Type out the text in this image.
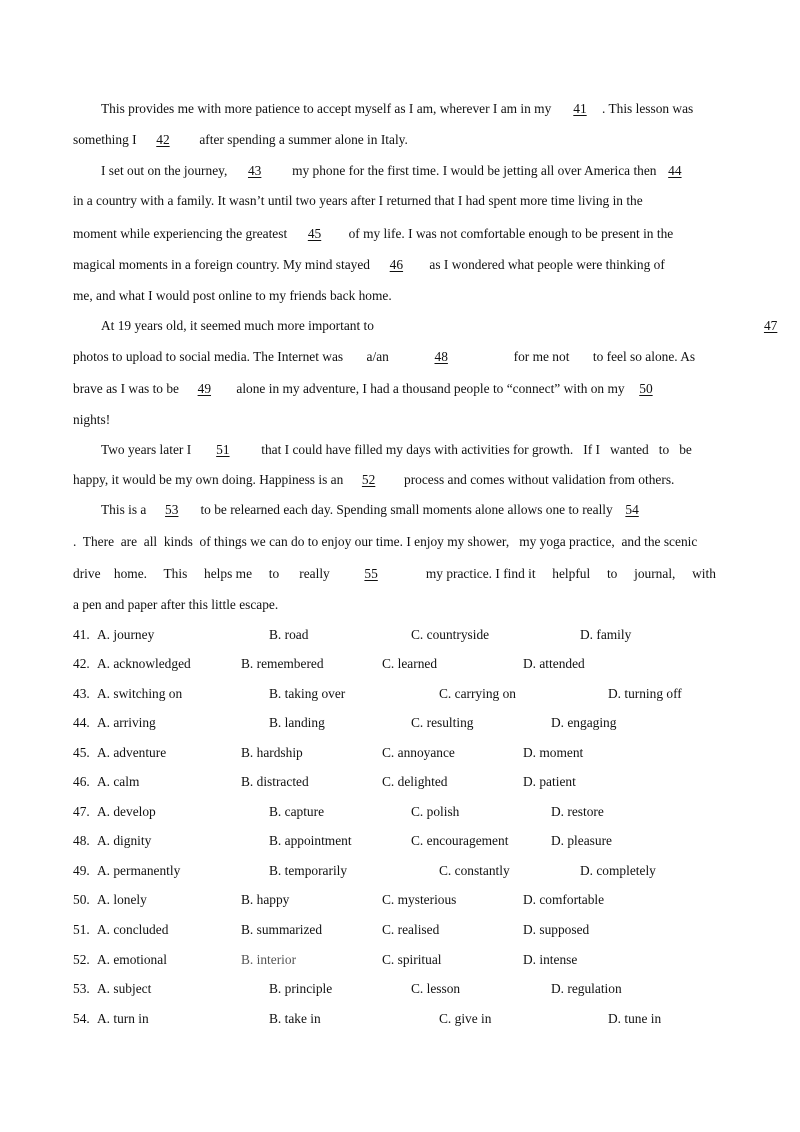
This provides me with more patience to accept myself as I am, wherever I am in my 41 . This lesson was
something I 42 after spending a summer alone in Italy.
I set out on the journey, 43 my phone for the first time. I would be jetting all over America then 44
in a country with a family. It wasn’t until two years after I returned that I had spent more time living in the
moment while experiencing the greatest 45 of my life. I was not comfortable enough to be present in the
magical moments in a foreign country. My mind stayed 46 as I wondered what people were thinking of
me, and what I would post online to my friends back home.
At 19 years old, it seemed much more important to	47
photos to upload to social media. The Internet was       a/an	48	for me not       to feel so alone. As
brave as I was to be 49 alone in my adventure, I had a thousand people to “connect” with on my 50
nights!
Two years later I 51 that I could have filled my days with activities for growth.   If I   wanted   to   be
happy, it would be my own doing. Happiness is an 52 process and comes without validation from others.
This is a 53 to be relearned each day. Spending small moments alone allows one to really 54
.  There  are  all  kinds  of things we can do to enjoy our time. I enjoy my shower,   my yoga practice,  and the scenic
drive    home.     This     helps me     to      really	55	my practice. I find it     helpful     to     journal,     with
a pen and paper after this little escape.
41. A. journey	B. road	C. countryside	D. family
42. A. acknowledged	B. remembered	C. learned	D. attended
43. A. switching on	B. taking over	C. carrying on	D. turning off
44. A. arriving	B. landing	C. resulting	D. engaging
45. A. adventure	B. hardship	C. annoyance	D. moment
46. A. calm	B. distracted	C. delighted	D. patient
47. A. develop	B. capture	C. polish	D. restore
48. A. dignity	B. appointment	C. encouragement	D. pleasure
49. A. permanently	B. temporarily	C. constantly	D. completely
50. A. lonely	B. happy	C. mysterious	D. comfortable
51. A. concluded	B. summarized	C. realised	D. supposed
52. A. emotional	B. interior	C. spiritual	D. intense
53. A. subject	B. principle	C. lesson	D. regulation
54. A. turn in	B. take in	C. give in	D. tune in
